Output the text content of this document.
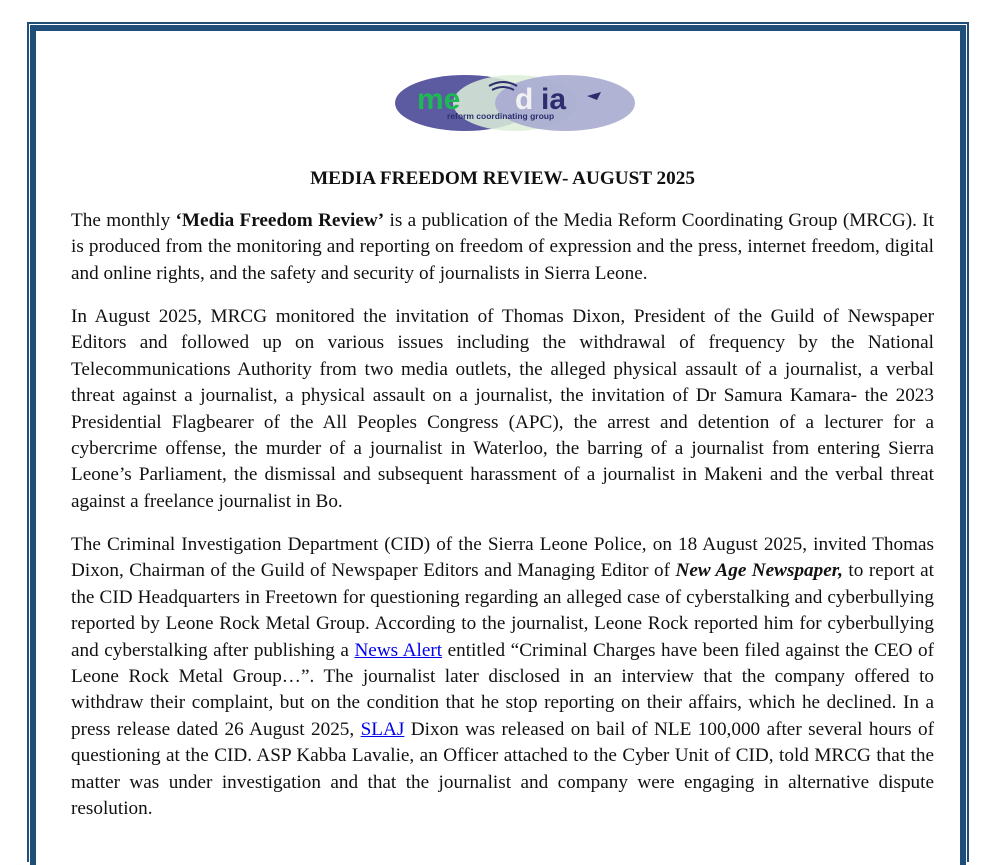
me d ia
reform coordinating group
MEDIA FREEDOM REVIEW- AUGUST 2025

The monthly ‘Media Freedom Review’ is a publication of the Media Reform Coordinating Group (MRCG). It is produced from the monitoring and reporting on freedom of expression and the press, internet freedom, digital and online rights, and the safety and security of journalists in Sierra Leone.

In August 2025, MRCG monitored the invitation of Thomas Dixon, President of the Guild of Newspaper Editors and followed up on various issues including the withdrawal of frequency by the National Telecommunications Authority from two media outlets, the alleged physical assault of a journalist, a verbal threat against a journalist, a physical assault on a journalist, the invitation of Dr Samura Kamara- the 2023 Presidential Flagbearer of the All Peoples Congress (APC), the arrest and detention of a lecturer for a cybercrime offense, the murder of a journalist in Waterloo, the barring of a journalist from entering Sierra Leone’s Parliament, the dismissal and subsequent harassment of a journalist in Makeni and the verbal threat against a freelance journalist in Bo.

The Criminal Investigation Department (CID) of the Sierra Leone Police, on 18 August 2025, invited Thomas Dixon, Chairman of the Guild of Newspaper Editors and Managing Editor of New Age Newspaper, to report at the CID Headquarters in Freetown for questioning regarding an alleged case of cyberstalking and cyberbullying reported by Leone Rock Metal Group. According to the journalist, Leone Rock reported him for cyberbullying and cyberstalking after publishing a News Alert entitled “Criminal Charges have been filed against the CEO of Leone Rock Metal Group…”. The journalist later disclosed in an interview that the company offered to withdraw their complaint, but on the condition that he stop reporting on their affairs, which he declined. In a press release dated 26 August 2025, SLAJ Dixon was released on bail of NLE 100,000 after several hours of questioning at the CID. ASP Kabba Lavalie, an Officer attached to the Cyber Unit of CID, told MRCG that the matter was under investigation and that the journalist and company were engaging in alternative dispute resolution.
